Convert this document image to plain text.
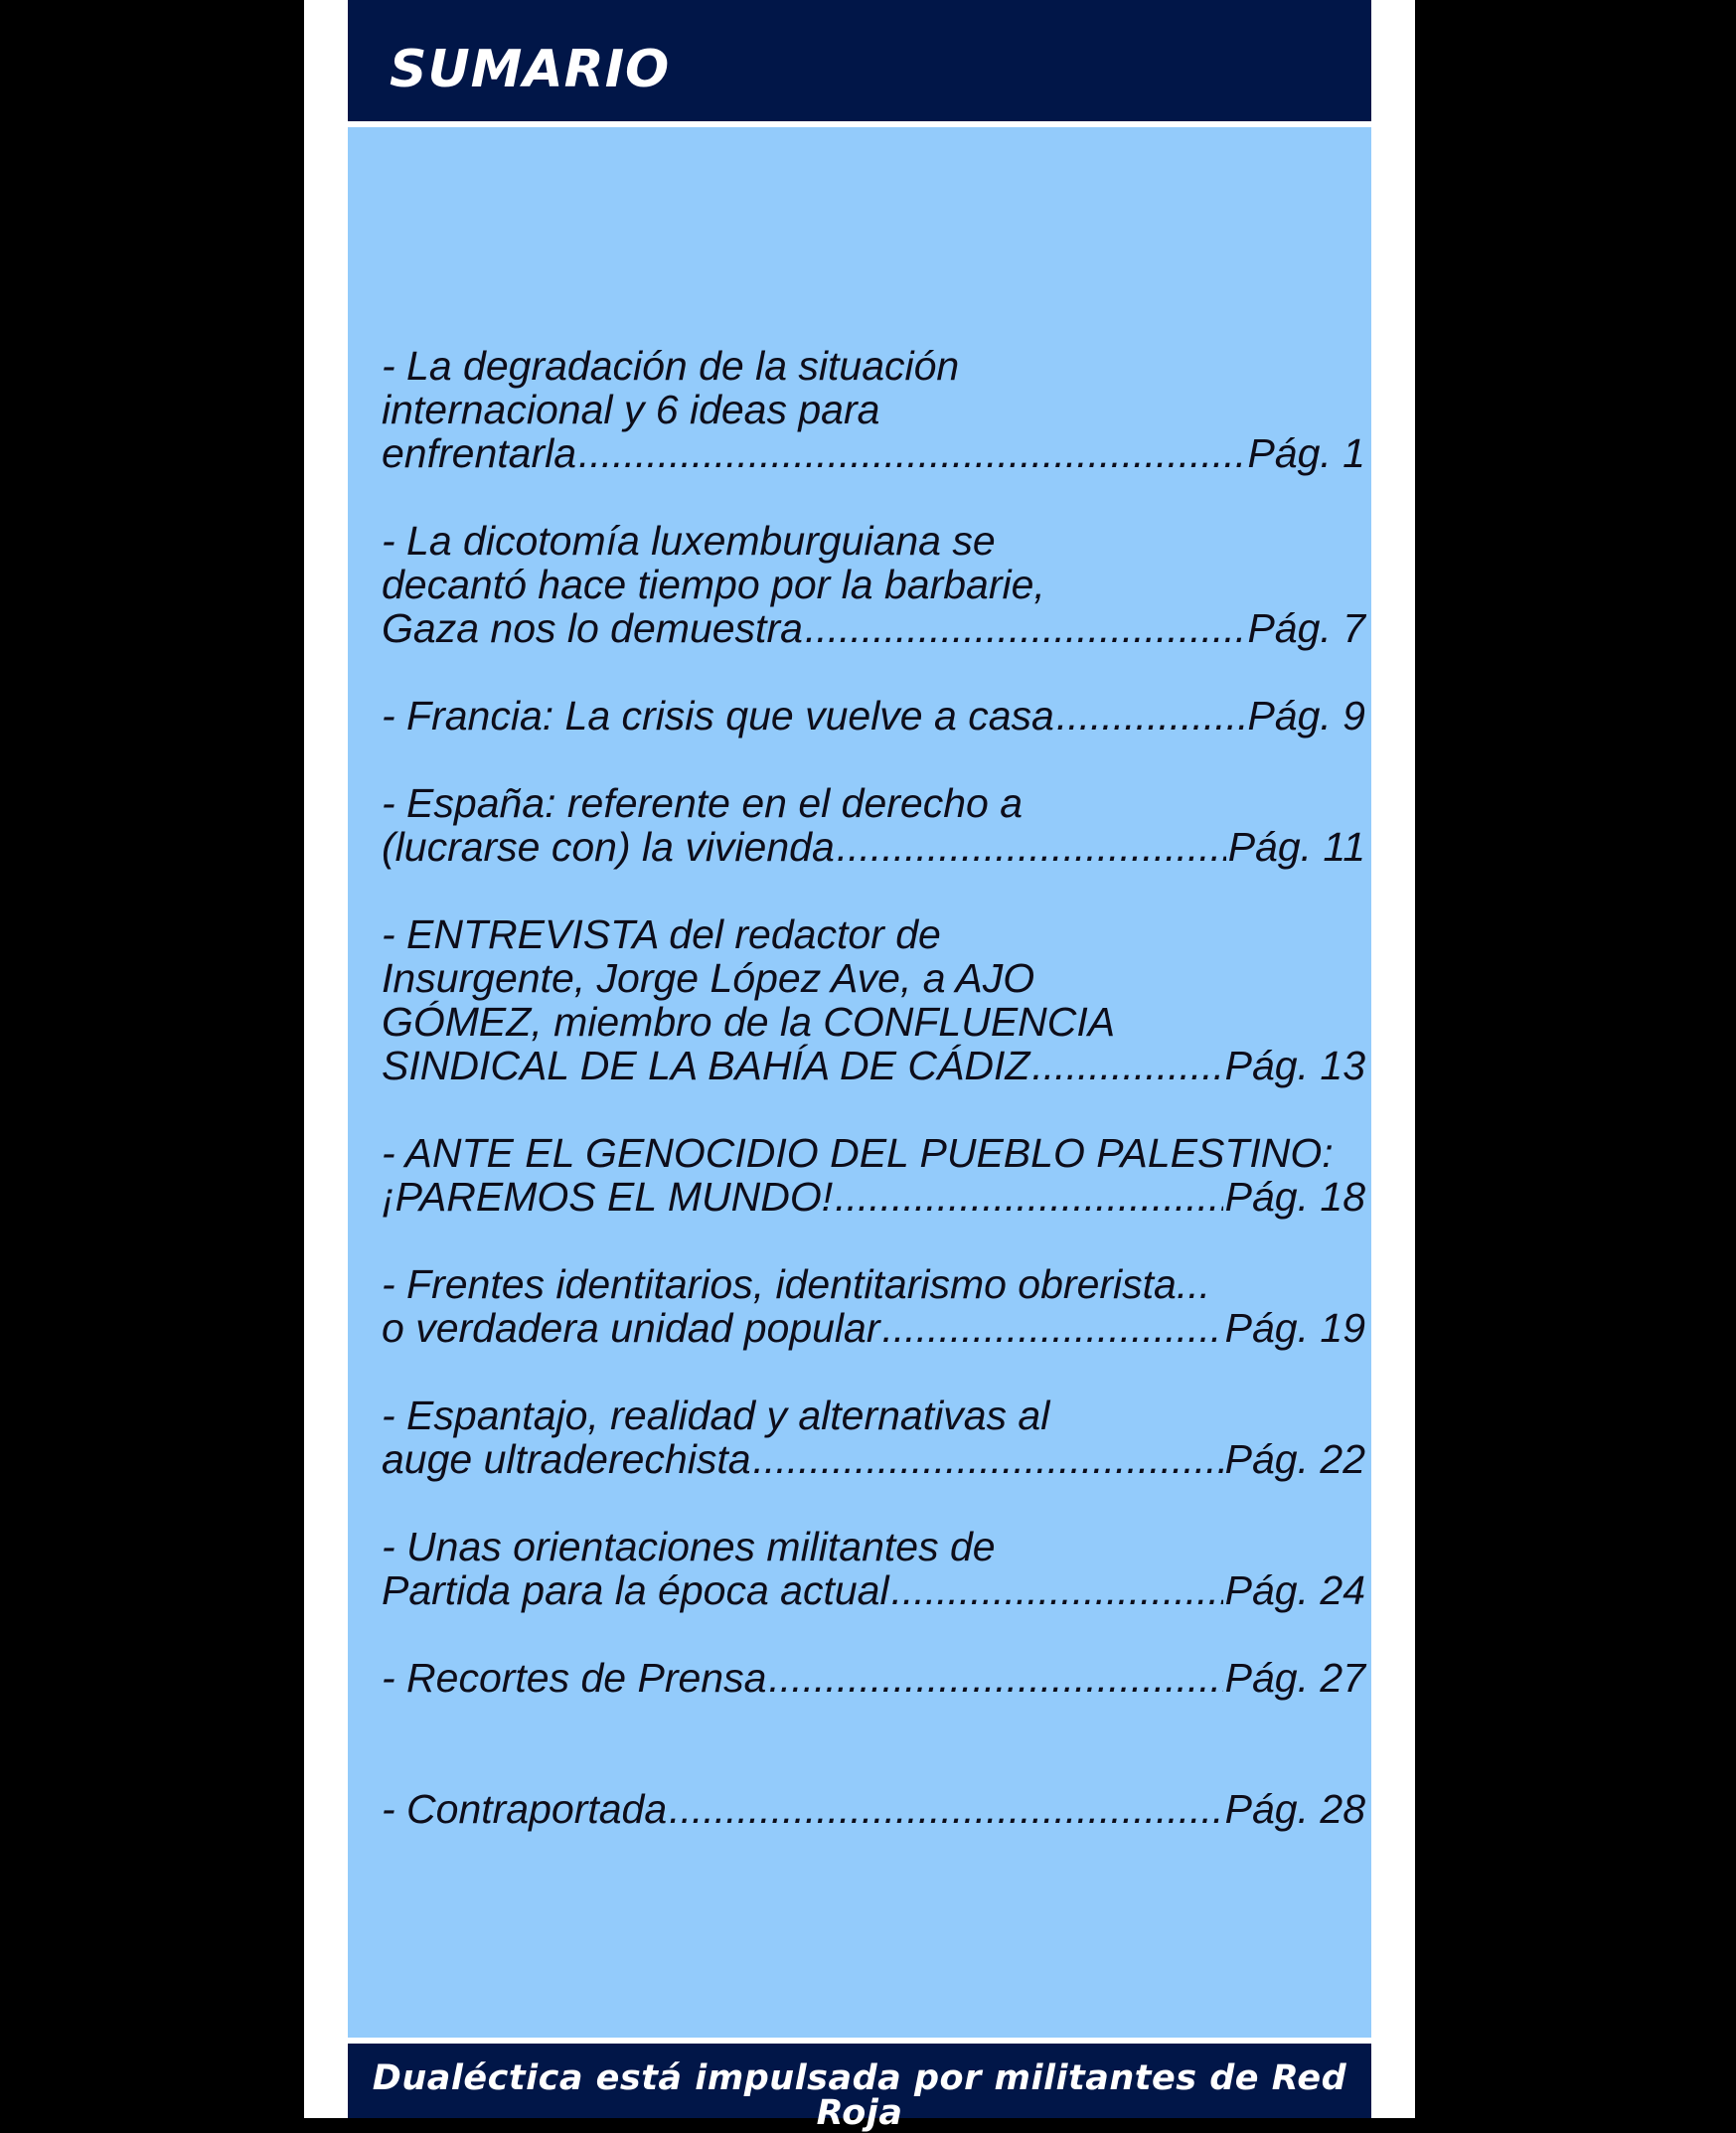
SUMARIO
- La degradación de la situación
internacional y 6 ideas para
enfrentarla .....	Pág. 1
- La dicotomía luxemburguiana se
decantó hace tiempo por la barbarie,
Gaza nos lo demuestra .....	Pág. 7
- Francia: La crisis que vuelve a casa .....	Pág. 9
- España: referente en el derecho a
(lucrarse con) la vivienda .....	Pág. 11
- ENTREVISTA del redactor de
Insurgente, Jorge López Ave, a AJO
GÓMEZ, miembro de la CONFLUENCIA
SINDICAL DE LA BAHÍA DE CÁDIZ .....	Pág. 13
- ANTE EL GENOCIDIO DEL PUEBLO PALESTINO:
¡PAREMOS EL MUNDO! .....	Pág. 18
- Frentes identitarios, identitarismo obrerista...
o verdadera unidad popular .....	Pág. 19
- Espantajo, realidad y alternativas al
auge ultraderechista .....	Pág. 22
- Unas orientaciones militantes de
Partida para la época actual .....	Pág. 24
- Recortes de Prensa .....	Pág. 27
- Contraportada .....	Pág. 28

Dualéctica está impulsada por militantes de Red Roja
